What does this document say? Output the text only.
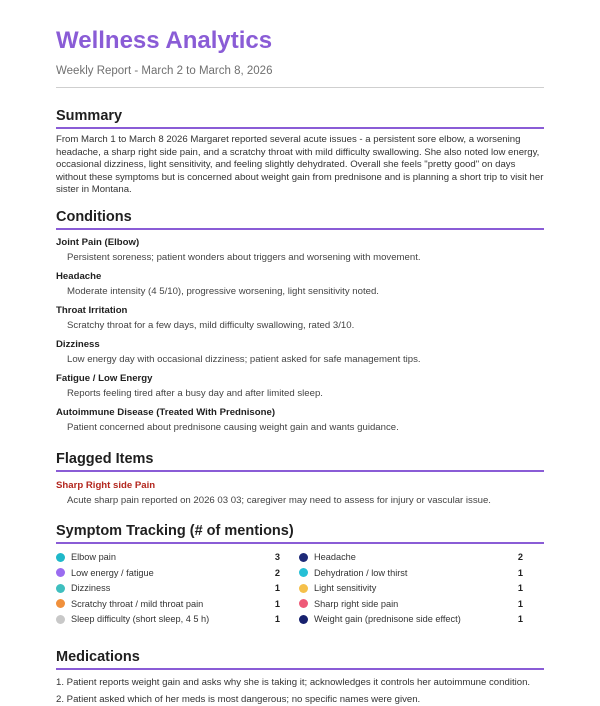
Wellness Analytics
Weekly Report - March 2 to March 8, 2026
Summary
From March 1 to March 8 2026 Margaret reported several acute issues - a persistent sore elbow, a worsening headache, a sharp right side pain, and a scratchy throat with mild difficulty swallowing. She also noted low energy, occasional dizziness, light sensitivity, and feeling slightly dehydrated. Overall she feels "pretty good" on days without these symptoms but is concerned about weight gain from prednisone and is planning a short trip to visit her sister in Montana.
Conditions
Joint Pain (Elbow)
Persistent soreness; patient wonders about triggers and worsening with movement.
Headache
Moderate intensity (4 5/10), progressive worsening, light sensitivity noted.
Throat Irritation
Scratchy throat for a few days, mild difficulty swallowing, rated 3/10.
Dizziness
Low energy day with occasional dizziness; patient asked for safe management tips.
Fatigue / Low Energy
Reports feeling tired after a busy day and after limited sleep.
Autoimmune Disease (Treated With Prednisone)
Patient concerned about prednisone causing weight gain and wants guidance.
Flagged Items
Sharp Right side Pain
Acute sharp pain reported on 2026 03 03; caregiver may need to assess for injury or vascular issue.
Symptom Tracking (# of mentions)
Elbow pain	3
Low energy / fatigue	2
Dizziness	1
Scratchy throat / mild throat pain	1
Sleep difficulty (short sleep, 4 5 h)	1
Headache	2
Dehydration / low thirst	1
Light sensitivity	1
Sharp right side pain	1
Weight gain (prednisone side effect)	1
Medications
1. Patient reports weight gain and asks why she is taking it; acknowledges it controls her autoimmune condition.
2. Patient asked which of her meds is most dangerous; no specific names were given.
